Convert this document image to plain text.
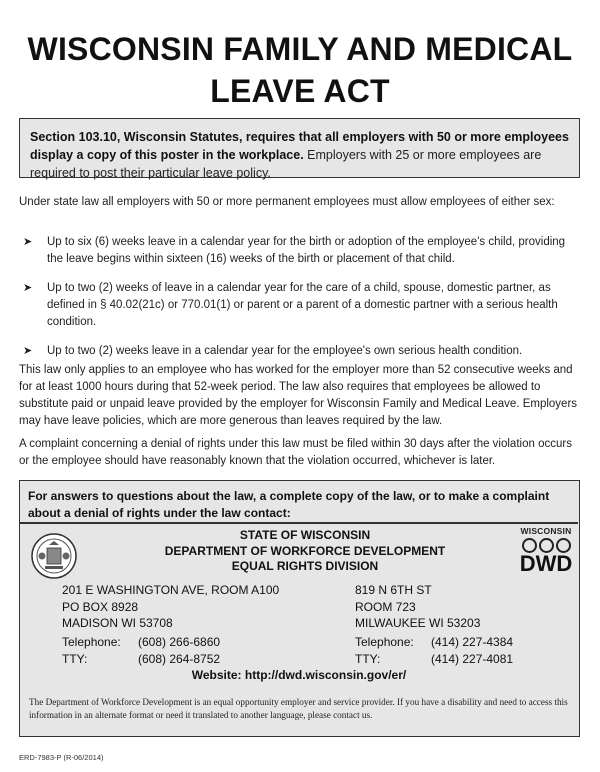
WISCONSIN FAMILY AND MEDICAL
LEAVE ACT
Section 103.10, Wisconsin Statutes, requires that all employers with 50 or more employees display a copy of this poster in the workplace. Employers with 25 or more employees are required to post their particular leave policy.
Under state law all employers with 50 or more permanent employees must allow employees of either sex:
➤ Up to six (6) weeks leave in a calendar year for the birth or adoption of the employee's child, providing the leave begins within sixteen (16) weeks of the birth or placement of that child.
➤ Up to two (2) weeks of leave in a calendar year for the care of a child, spouse, domestic partner, as defined in § 40.02(21c) or 770.01(1) or parent or a parent of a domestic partner with a serious health condition.
➤ Up to two (2) weeks leave in a calendar year for the employee's own serious health condition.
This law only applies to an employee who has worked for the employer more than 52 consecutive weeks and for at least 1000 hours during that 52-week period. The law also requires that employees be allowed to substitute paid or unpaid leave provided by the employer for Wisconsin Family and Medical Leave. Employers may have leave policies, which are more generous than leaves required by the law.
A complaint concerning a denial of rights under this law must be filed within 30 days after the violation occurs or the employee should have reasonably known that the violation occurred, whichever is later.
For answers to questions about the law, a complete copy of the law, or to make a complaint about a denial of rights under the law contact:
STATE OF WISCONSIN
DEPARTMENT OF WORKFORCE DEVELOPMENT
EQUAL RIGHTS DIVISION
WISCONSIN
DWD
201 E WASHINGTON AVE, ROOM A100
PO BOX 8928
MADISON WI 53708
Telephone: (608) 266-6860
TTY:	(608) 264-8752
819 N 6TH ST
ROOM 723
MILWAUKEE WI 53203
Telephone: (414) 227-4384
TTY:	(414) 227-4081
Website: http://dwd.wisconsin.gov/er/
The Department of Workforce Development is an equal opportunity employer and service provider. If you have a disability and need to access this information in an alternate format or need it translated to another language, please contact us.
ERD-7983-P (R-06/2014)
